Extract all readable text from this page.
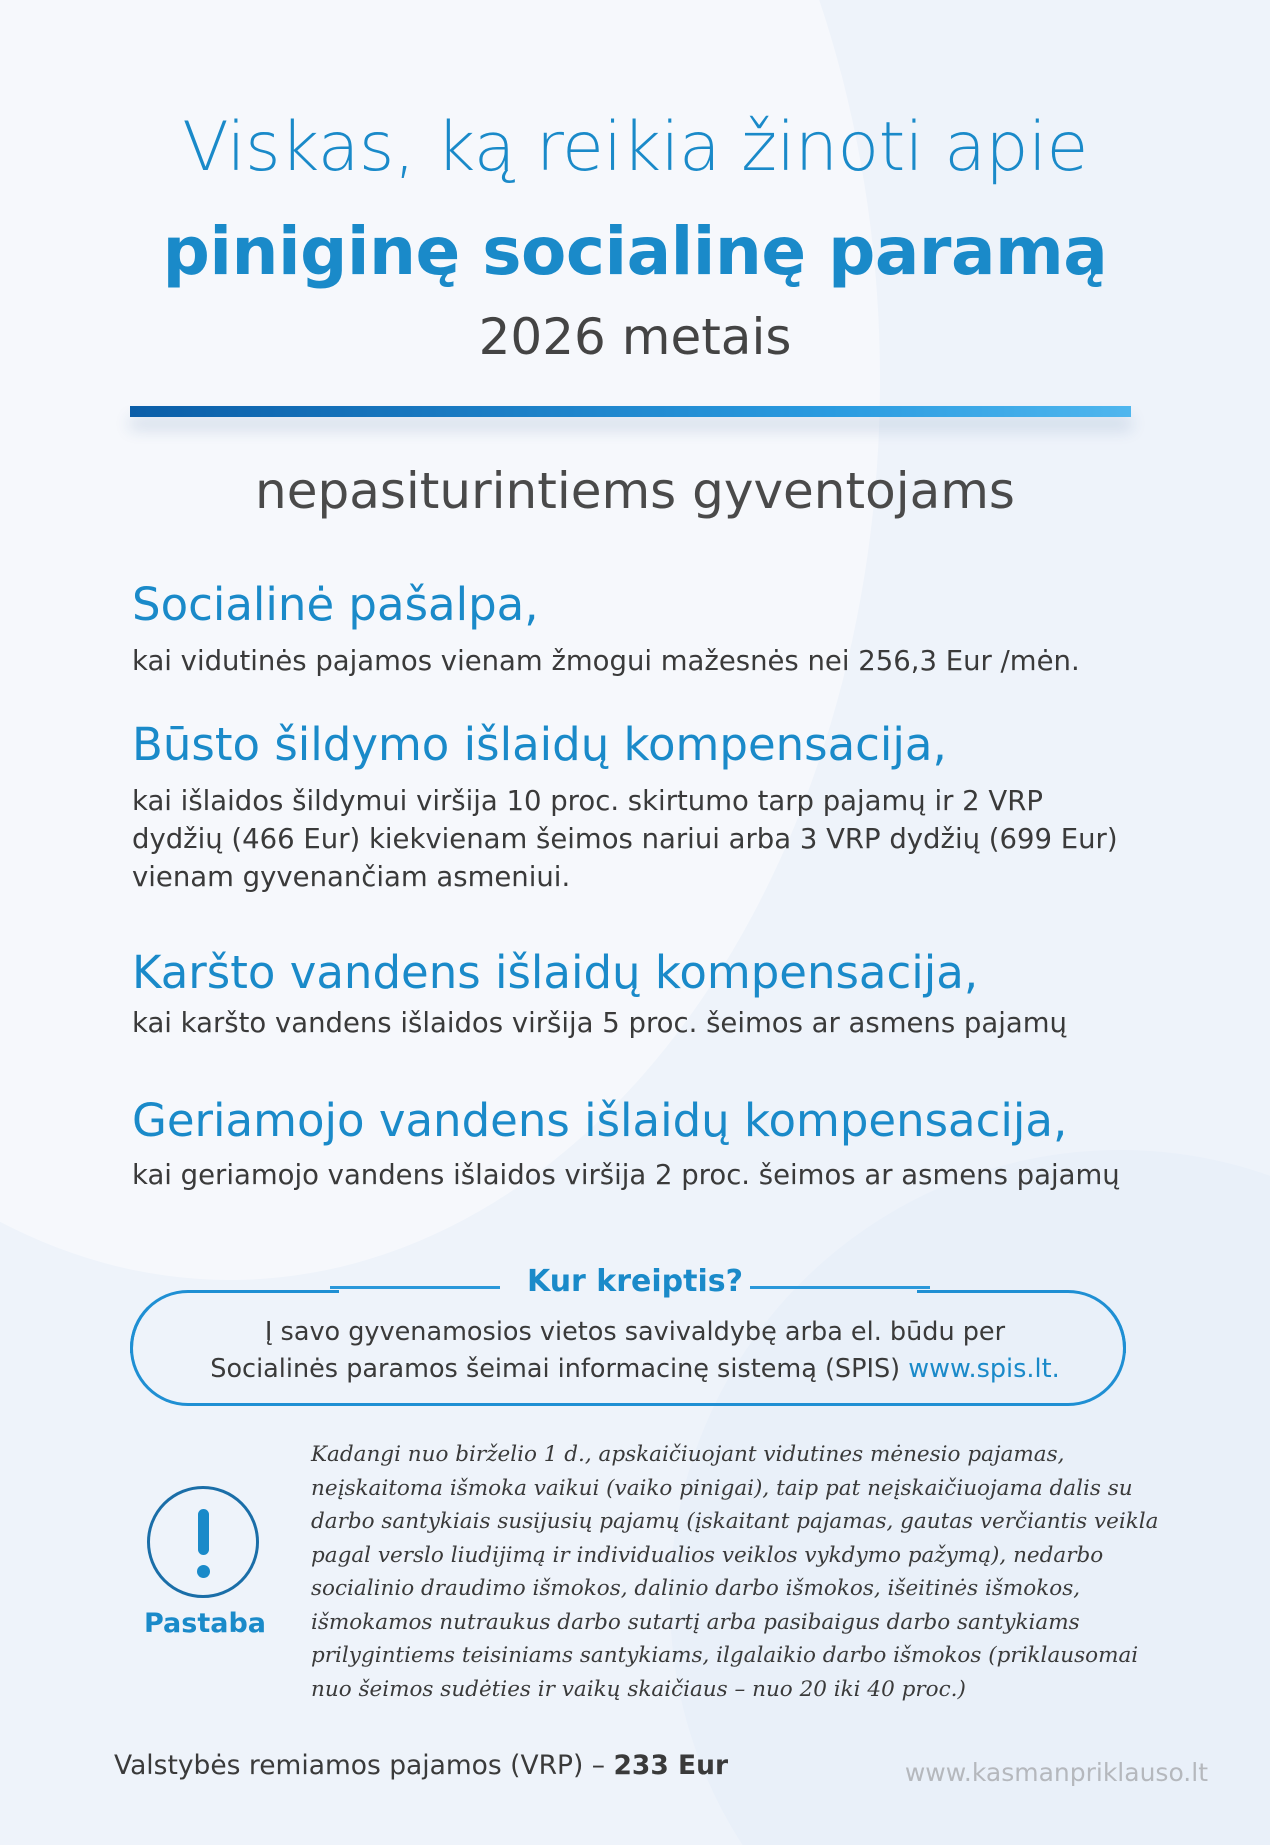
Viskas, ką reikia žinoti apie
piniginę socialinę paramą
2026 metais
nepasiturintiems gyventojams
Socialinė pašalpa,

kai vidutinės pajamos vienam žmogui mažesnės nei 256,3 Eur /mėn.

Būsto šildymo išlaidų kompensacija,

kai išlaidos šildymui viršija 10 proc. skirtumo tarp pajamų ir 2 VRP dydžių (466 Eur) kiekvienam šeimos nariui arba 3 VRP dydžių (699 Eur) vienam gyvenančiam asmeniui.

Karšto vandens išlaidų kompensacija,

kai karšto vandens išlaidos viršija 5 proc. šeimos ar asmens pajamų

Geriamojo vandens išlaidų kompensacija,

kai geriamojo vandens išlaidos viršija 2 proc. šeimos ar asmens pajamų

Kur kreiptis?
Į savo gyvenamosios vietos savivaldybę arba el. būdu per
Socialinės paramos šeimai informacinę sistemą (SPIS) www.spis.lt.
Pastaba
Kadangi nuo birželio 1 d., apskaičiuojant vidutines mėnesio pajamas, neįskaitoma išmoka vaikui (vaiko pinigai), taip pat neįskaičiuojama dalis su darbo santykiais susijusių pajamų (įskaitant pajamas, gautas verčiantis veikla pagal verslo liudijimą ir individualios veiklos vykdymo pažymą), nedarbo socialinio draudimo išmokos, dalinio darbo išmokos, išeitinės išmokos, išmokamos nutraukus darbo sutartį arba pasibaigus darbo santykiams prilygintiems teisiniams santykiams, ilgalaikio darbo išmokos (priklausomai nuo šeimos sudėties ir vaikų skaičiaus – nuo 20 iki 40 proc.)
Valstybės remiamos pajamos (VRP) – 233 Eur	www.kasmanpriklauso.lt
